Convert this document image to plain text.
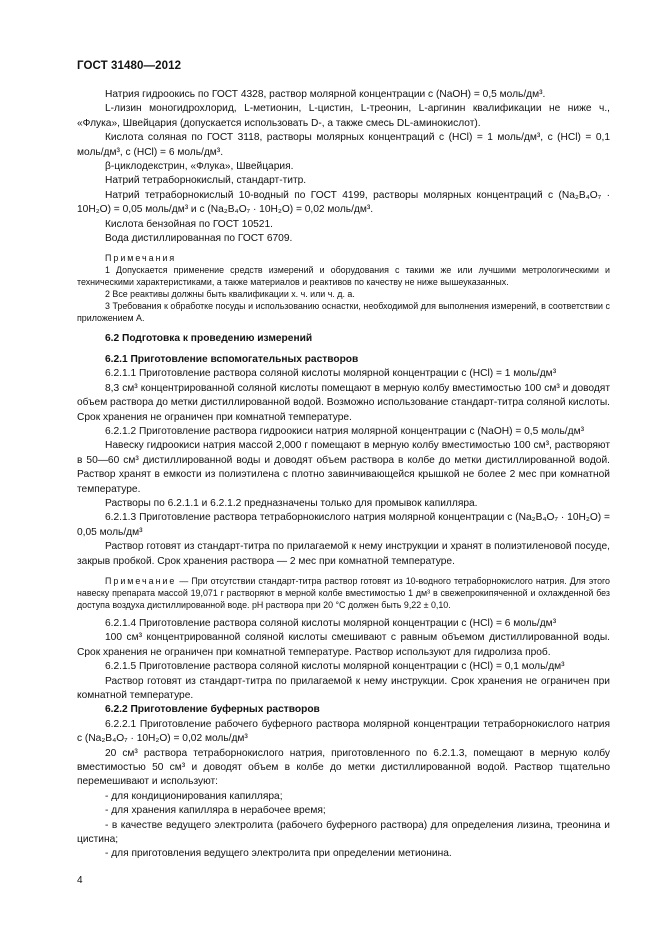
ГОСТ 31480—2012

Натрия гидроокись по ГОСТ 4328, раствор молярной концентрации c (NaOH) = 0,5 моль/дм³.

L-лизин моногидрохлорид, L-метионин, L-цистин, L-треонин, L-аргинин квалификации не ниже ч., «Флука», Швейцария (допускается использовать D-, а также смесь DL-аминокислот).

Кислота соляная по ГОСТ 3118, растворы молярных концентраций c (HCl) = 1 моль/дм³, c (HCl) = 0,1 моль/дм³, c (HCl) = 6 моль/дм³.

β-циклодекстрин, «Флука», Швейцария.

Натрий тетраборнокислый, стандарт-титр.

Натрий тетраборнокислый 10-водный по ГОСТ 4199, растворы молярных концентраций c (Na₂B₄O₇ · 10H₂O) = 0,05 моль/дм³ и c (Na₂B₄O₇ · 10H₂O) = 0,02 моль/дм³.

Кислота бензойная по ГОСТ 10521.

Вода дистиллированная по ГОСТ 6709.

Примечания

1 Допускается применение средств измерений и оборудования с такими же или лучшими метрологическими и техническими характеристиками, а также материалов и реактивов по качеству не ниже вышеуказанных.

2 Все реактивы должны быть квалификации х. ч. или ч. д. а.

3 Требования к обработке посуды и использованию оснастки, необходимой для выполнения измерений, в соответствии с приложением А.

6.2 Подготовка к проведению измерений

6.2.1 Приготовление вспомогательных растворов

6.2.1.1 Приготовление раствора соляной кислоты молярной концентрации c (HCl) = 1 моль/дм³

8,3 см³ концентрированной соляной кислоты помещают в мерную колбу вместимостью 100 см³ и доводят объем раствора до метки дистиллированной водой. Возможно использование стандарт-титра соляной кислоты. Срок хранения не ограничен при комнатной температуре.

6.2.1.2 Приготовление раствора гидроокиси натрия молярной концентрации c (NaOH) = 0,5 моль/дм³

Навеску гидроокиси натрия массой 2,000 г помещают в мерную колбу вместимостью 100 см³, растворяют в 50—60 см³ дистиллированной воды и доводят объем раствора в колбе до метки дистиллированной водой. Раствор хранят в емкости из полиэтилена с плотно завинчивающейся крышкой не более 2 мес при комнатной температуре.

Растворы по 6.2.1.1 и 6.2.1.2 предназначены только для промывок капилляра.

6.2.1.3 Приготовление раствора тетраборнокислого натрия молярной концентрации c (Na₂B₄O₇ · 10H₂O) = 0,05 моль/дм³

Раствор готовят из стандарт-титра по прилагаемой к нему инструкции и хранят в полиэтиленовой посуде, закрыв пробкой. Срок хранения раствора — 2 мес при комнатной температуре.

Примечание — При отсутствии стандарт-титра раствор готовят из 10-водного тетраборнокислого натрия. Для этого навеску препарата массой 19,071 г растворяют в мерной колбе вместимостью 1 дм³ в свежепрокипяченной и охлажденной без доступа воздуха дистиллированной воде. pH раствора при 20 °С должен быть 9,22 ± 0,10.

6.2.1.4 Приготовление раствора соляной кислоты молярной концентрации c (HCl) = 6 моль/дм³

100 см³ концентрированной соляной кислоты смешивают с равным объемом дистиллированной воды. Срок хранения не ограничен при комнатной температуре. Раствор используют для гидролиза проб.

6.2.1.5 Приготовление раствора соляной кислоты молярной концентрации c (HCl) = 0,1 моль/дм³

Раствор готовят из стандарт-титра по прилагаемой к нему инструкции. Срок хранения не ограничен при комнатной температуре.

6.2.2 Приготовление буферных растворов

6.2.2.1 Приготовление рабочего буферного раствора молярной концентрации тетраборнокислого натрия c (Na₂B₄O₇ · 10H₂O) = 0,02 моль/дм³

20 см³ раствора тетраборнокислого натрия, приготовленного по 6.2.1.3, помещают в мерную колбу вместимостью 50 см³ и доводят объем в колбе до метки дистиллированной водой. Раствор тщательно перемешивают и используют:

- для кондиционирования капилляра;

- для хранения капилляра в нерабочее время;

- в качестве ведущего электролита (рабочего буферного раствора) для определения лизина, треонина и цистина;

- для приготовления ведущего электролита при определении метионина.

4
